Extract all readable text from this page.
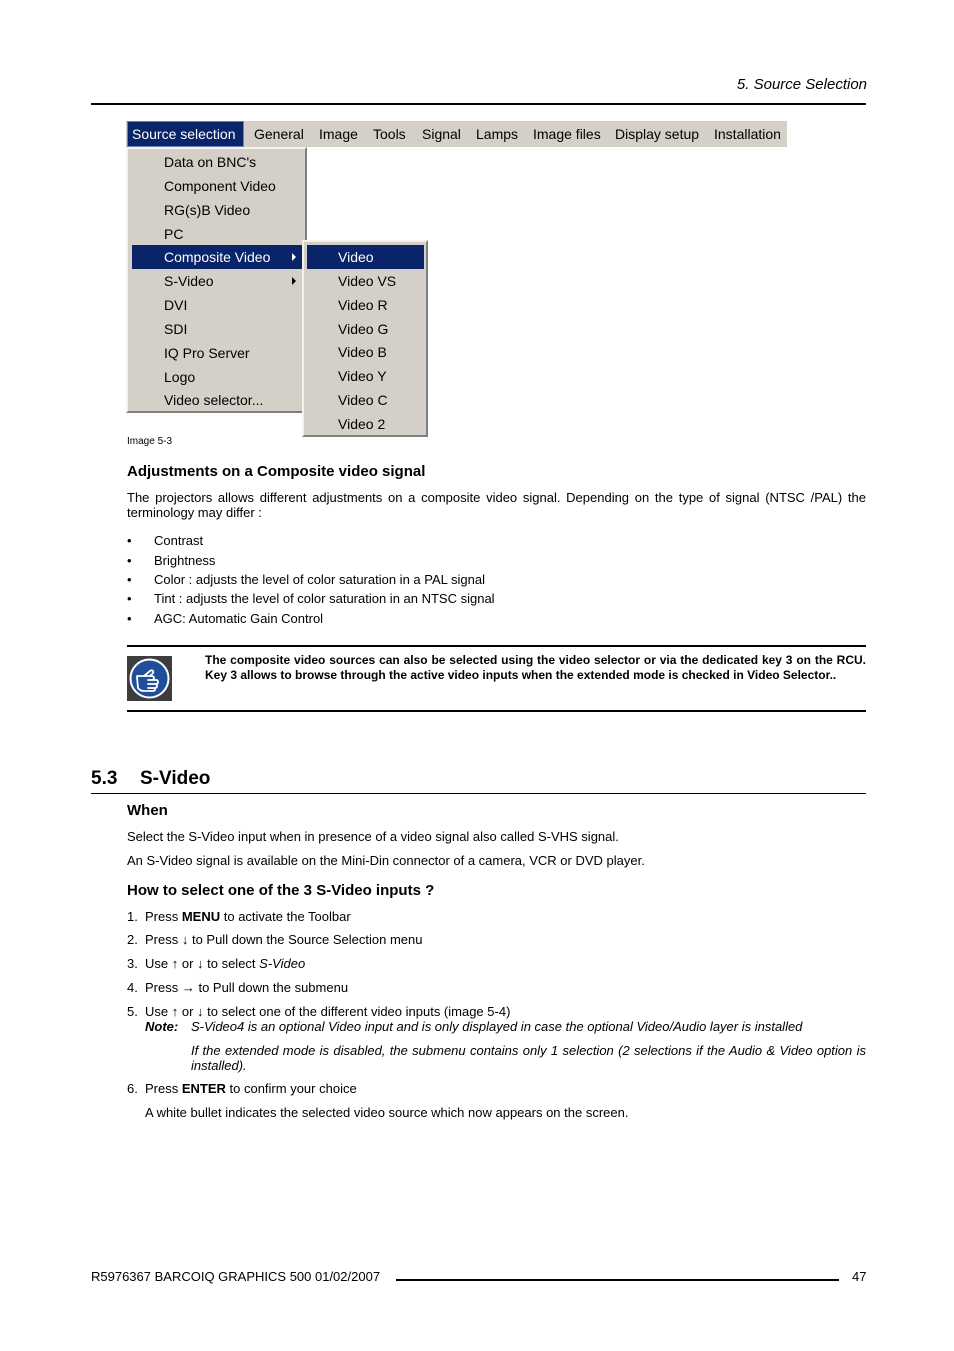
5. Source Selection
Source selection	General Image Tools Signal Lamps Image files Display setup Installation
Data on BNC's
Component Video
RG(s)B Video
PC
Composite Video
S-Video
DVI
SDI
IQ Pro Server
Logo
Video selector...
Video
Video VS
Video R
Video G
Video B
Video Y
Video C
Video 2
Image 5-3
Adjustments on a Composite video signal

The projectors allows different adjustments on a composite video signal. Depending on the type of signal (NTSC /PAL) the terminology may differ :

• Contrast
• Brightness
• Color : adjusts the level of color saturation in a PAL signal
• Tint : adjusts the level of color saturation in an NTSC signal
• AGC: Automatic Gain Control

The composite video sources can also be selected using the video selector or via the dedicated key 3 on the RCU. Key 3 allows to browse through the active video inputs when the extended mode is checked in Video Selector..

5.3 S-Video
When

Select the S-Video input when in presence of a video signal also called S-VHS signal.

An S-Video signal is available on the Mini-Din connector of a camera, VCR or DVD player.

How to select one of the 3 S-Video inputs ?
1. Press MENU to activate the Toolbar
2. Press ↓ to Pull down the Source Selection menu
3. Use ↑ or ↓ to select S-Video
4. Press → to Pull down the submenu
5. Use ↑ or ↓ to select one of the different video inputs (image 5-4)

Note: S-Video4 is an optional Video input and is only displayed in case the optional Video/Audio layer is installed

If the extended mode is disabled, the submenu contains only 1 selection (2 selections if the Audio & Video option is installed).

6. Press ENTER to confirm your choice

A white bullet indicates the selected video source which now appears on the screen.

R5976367 BARCOIQ GRAPHICS 500 01/02/2007	47
